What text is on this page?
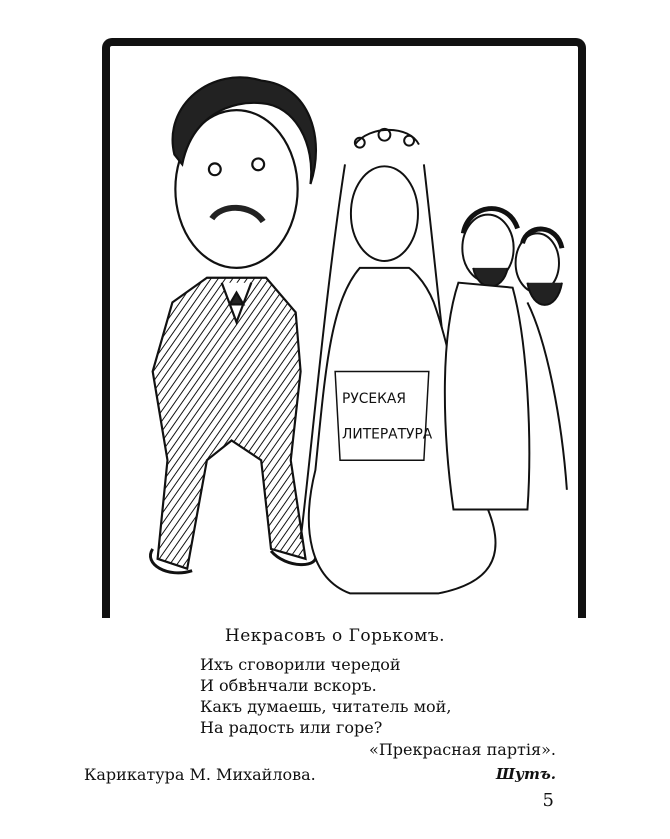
РУСЕКАЯ
ЛИТЕРАТУРА
Некрасовъ о Горькомъ.
Ихъ сговорили чередой
И обвѣнчали вскоръ.
Какъ думаешь, читатель мой,
На радость или горе?
«Прекрасная партія».
Карикатура М. Михайлова.	Шутъ.
5
